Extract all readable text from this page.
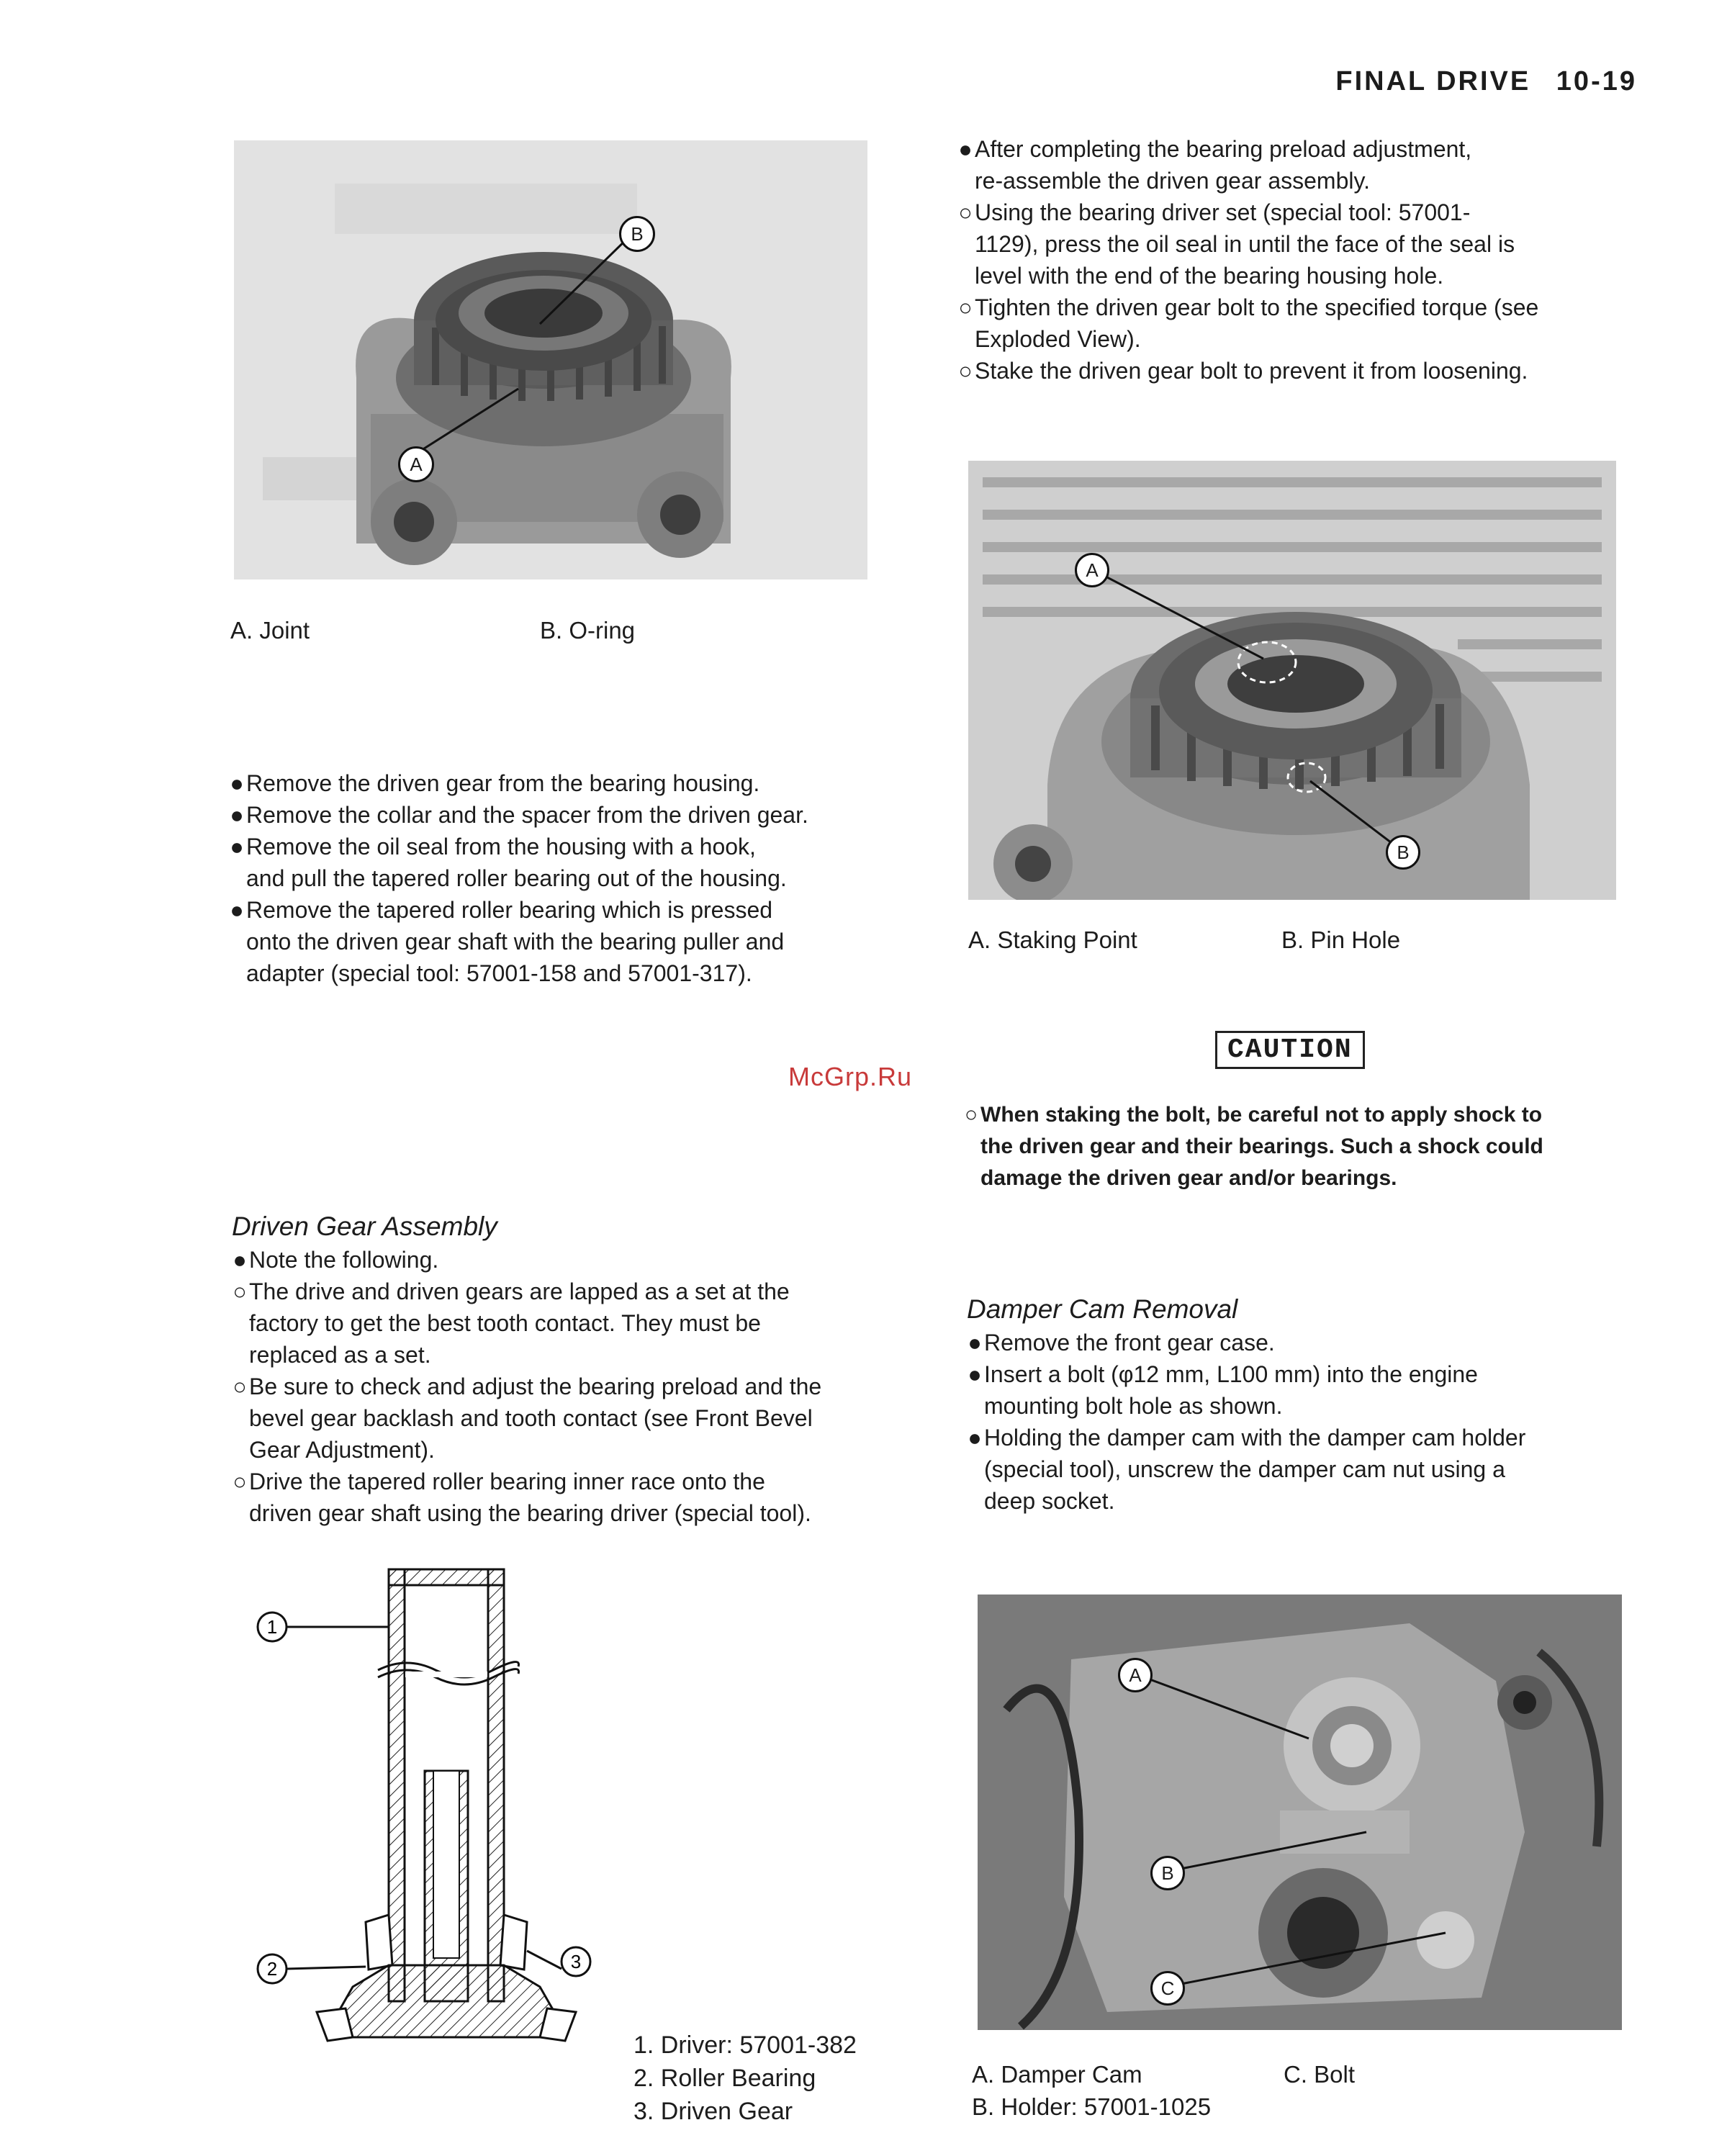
FINAL DRIVE 10-19
A
B
A. Joint	B. O-ring

● Remove the driven gear from the bearing housing.

● Remove the collar and the spacer from the driven gear.

● Remove the oil seal from the housing with a hook,
and pull the tapered roller bearing out of the housing.

● Remove the tapered roller bearing which is pressed
onto the driven gear shaft with the bearing puller and
adapter (special tool: 57001-158 and 57001-317).

McGrp.Ru

Driven Gear Assembly

● Note the following.

○ The drive and driven gears are lapped as a set at the
factory to get the best tooth contact. They must be
replaced as a set.

○ Be sure to check and adjust the bearing preload and the
bevel gear backlash and tooth contact (see Front Bevel
Gear Adjustment).

○ Drive the tapered roller bearing inner race onto the
driven gear shaft using the bearing driver (special tool).

1
2	3
1. Driver: 57001-382
2. Roller Bearing
3. Driven Gear

● After completing the bearing preload adjustment,
re-assemble the driven gear assembly.

○ Using the bearing driver set (special tool: 57001-
1129), press the oil seal in until the face of the seal is
level with the end of the bearing housing hole.

○ Tighten the driven gear bolt to the specified torque (see
Exploded View).

○ Stake the driven gear bolt to prevent it from loosening.

A
B
A. Staking Point	B. Pin Hole
CAUTION

○ When staking the bolt, be careful not to apply shock to
the driven gear and their bearings. Such a shock could
damage the driven gear and/or bearings.

Damper Cam Removal

● Remove the front gear case.

● Insert a bolt (φ12 mm, L100 mm) into the engine
mounting bolt hole as shown.

● Holding the damper cam with the damper cam holder
(special tool), unscrew the damper cam nut using a
deep socket.

A
B
C
A. Damper Cam
B. Holder: 57001-1025
C. Bolt
